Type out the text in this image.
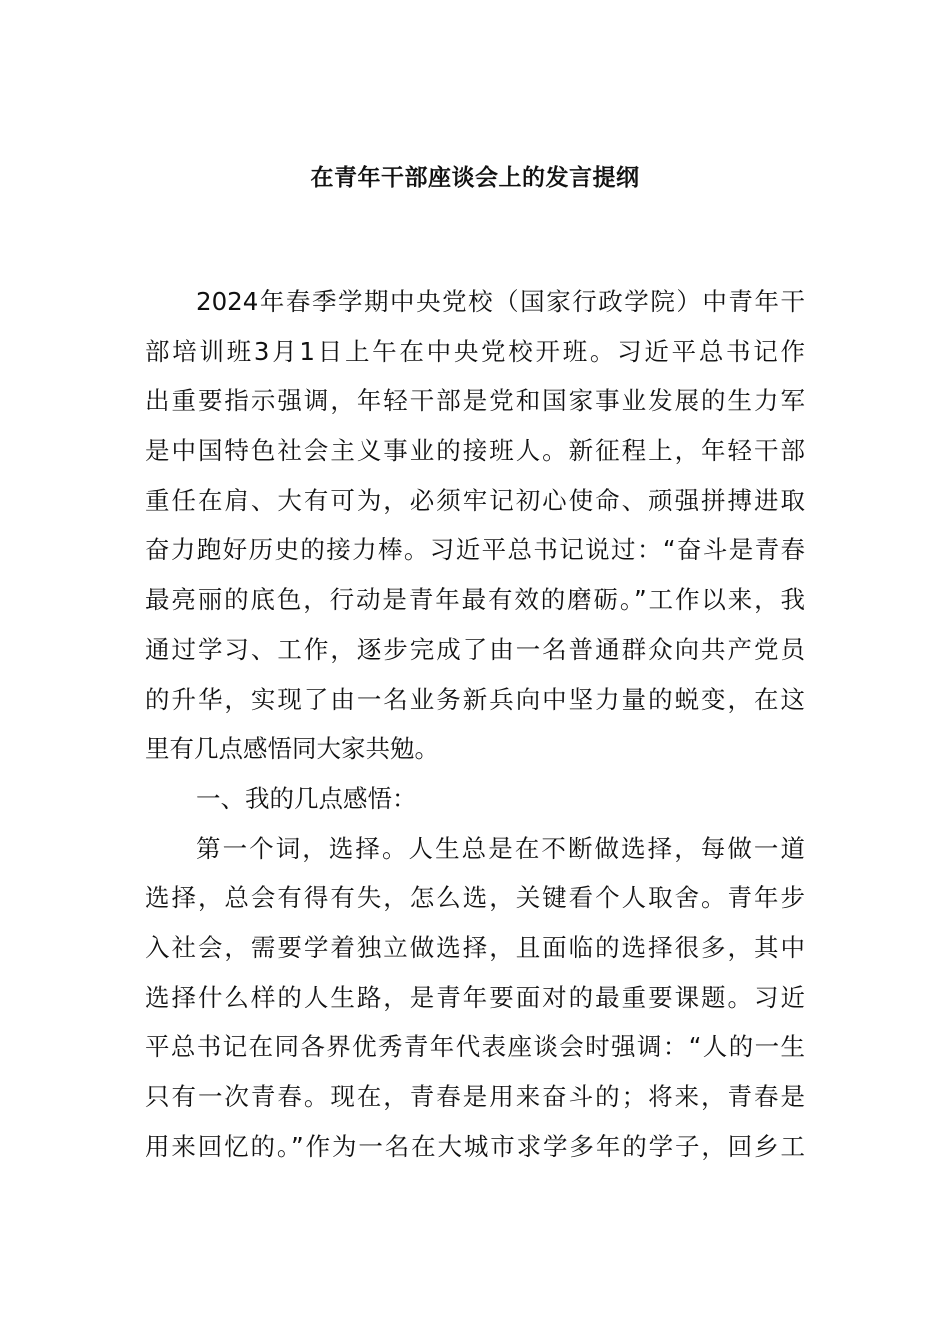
在青年干部座谈会上的发言提纲
2024年春季学期中央党校（国家行政学院）中青年干
部培训班3月1日上午在中央党校开班。习近平总书记作
出重要指示强调，年轻干部是党和国家事业发展的生力军
是中国特色社会主义事业的接班人。新征程上，年轻干部
重任在肩、大有可为，必须牢记初心使命、顽强拼搏进取
奋力跑好历史的接力棒。习近平总书记说过：“奋斗是青春
最亮丽的底色，行动是青年最有效的磨砺。”工作以来，我
通过学习、工作，逐步完成了由一名普通群众向共产党员
的升华，实现了由一名业务新兵向中坚力量的蜕变，在这
里有几点感悟同大家共勉。
一、我的几点感悟：
第一个词，选择。人生总是在不断做选择，每做一道
选择，总会有得有失，怎么选，关键看个人取舍。青年步
入社会，需要学着独立做选择，且面临的选择很多，其中
选择什么样的人生路，是青年要面对的最重要课题。习近
平总书记在同各界优秀青年代表座谈会时强调：“人的一生
只有一次青春。现在，青春是用来奋斗的；将来，青春是
用来回忆的。”作为一名在大城市求学多年的学子，回乡工
